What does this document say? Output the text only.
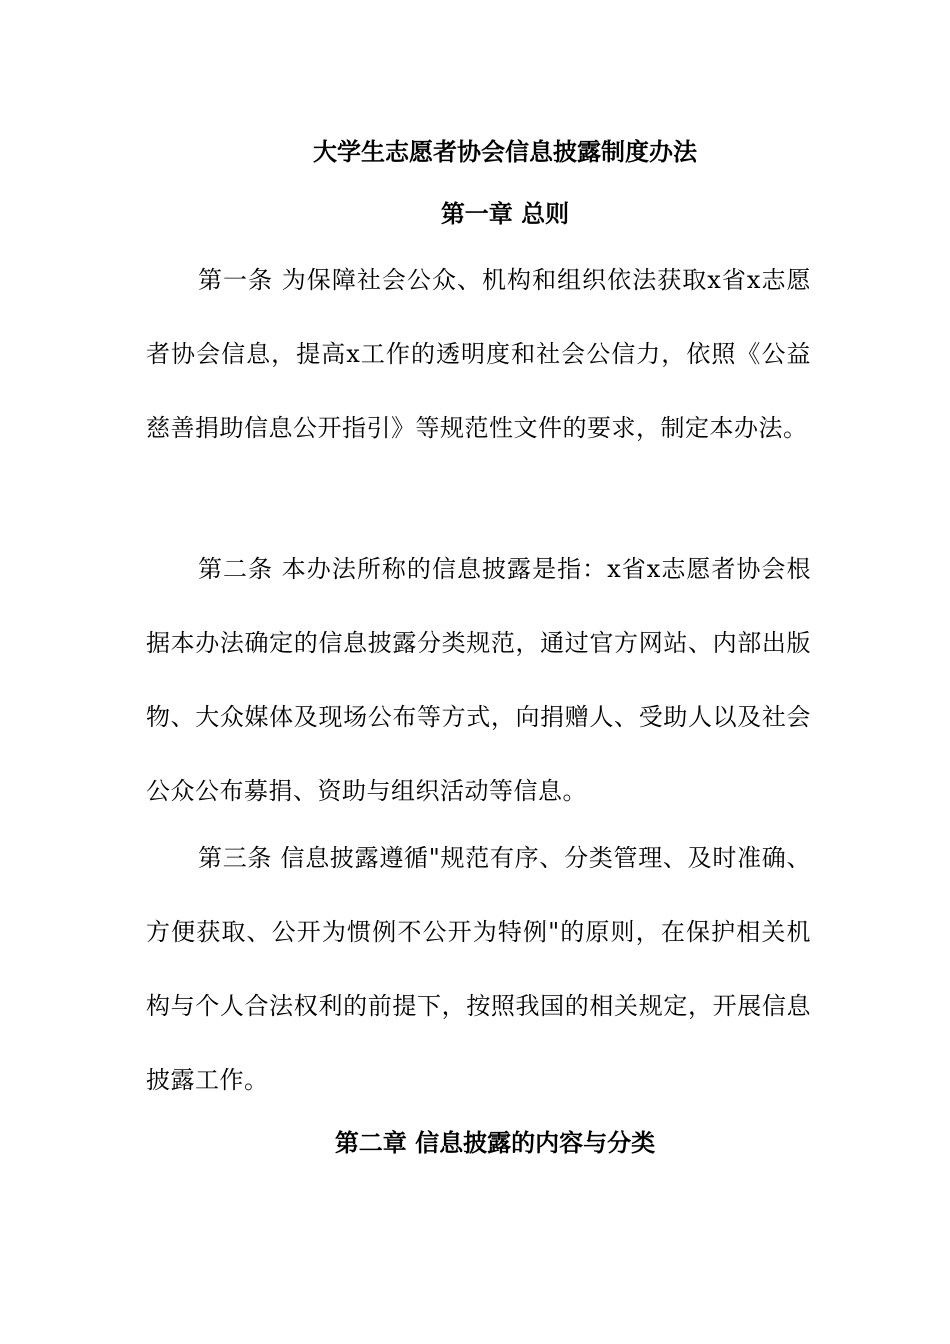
大学生志愿者协会信息披露制度办法
第一章 总则

第一条 为保障社会公众、机构和组织依法获取x省x志愿者协会信息，提高x工作的透明度和社会公信力，依照《公益慈善捐助信息公开指引》等规范性文件的要求，制定本办法。

第二条 本办法所称的信息披露是指：x省x志愿者协会根据本办法确定的信息披露分类规范，通过官方网站、内部出版物、大众媒体及现场公布等方式，向捐赠人、受助人以及社会公众公布募捐、资助与组织活动等信息。

第三条 信息披露遵循"规范有序、分类管理、及时准确、方便获取、公开为惯例不公开为特例"的原则，在保护相关机构与个人合法权利的前提下，按照我国的相关规定，开展信息披露工作。

第二章 信息披露的内容与分类
